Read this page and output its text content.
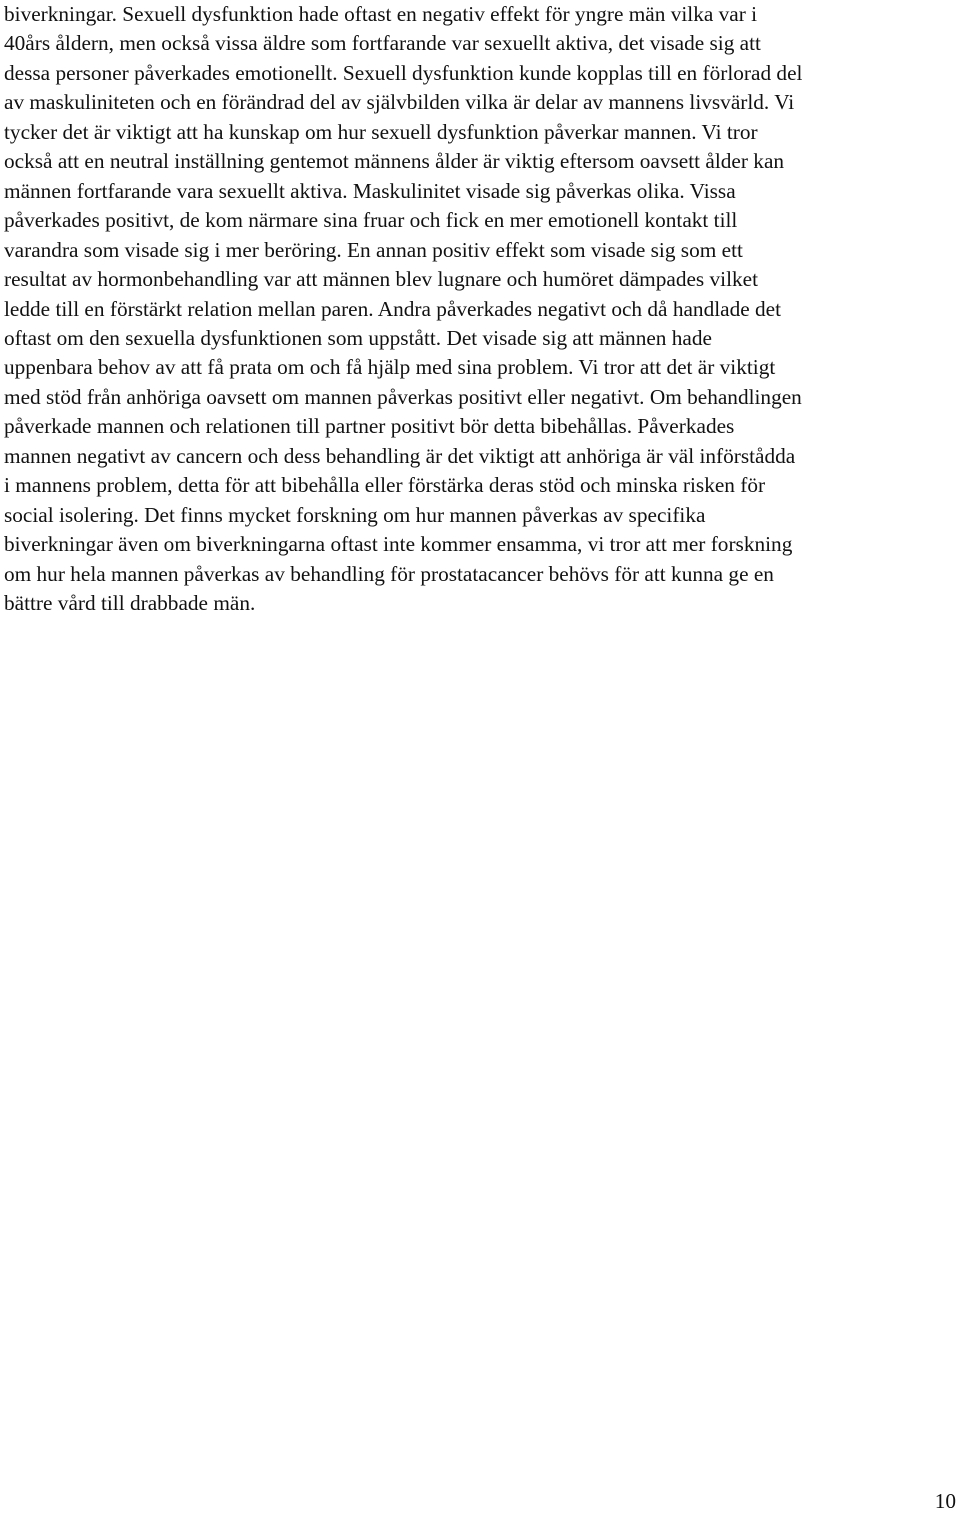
biverkningar. Sexuell dysfunktion hade oftast en negativ effekt för yngre män vilka var i
40års åldern, men också vissa äldre som fortfarande var sexuellt aktiva, det visade sig att
dessa personer påverkades emotionellt. Sexuell dysfunktion kunde kopplas till en förlorad del
av maskuliniteten och en förändrad del av självbilden vilka är delar av mannens livsvärld. Vi
tycker det är viktigt att ha kunskap om hur sexuell dysfunktion påverkar mannen. Vi tror
också att en neutral inställning gentemot männens ålder är viktig eftersom oavsett ålder kan
männen fortfarande vara sexuellt aktiva. Maskulinitet visade sig påverkas olika. Vissa
påverkades positivt, de kom närmare sina fruar och fick en mer emotionell kontakt till
varandra som visade sig i mer beröring. En annan positiv effekt som visade sig som ett
resultat av hormonbehandling var att männen blev lugnare och humöret dämpades vilket
ledde till en förstärkt relation mellan paren. Andra påverkades negativt och då handlade det
oftast om den sexuella dysfunktionen som uppstått. Det visade sig att männen hade
uppenbara behov av att få prata om och få hjälp med sina problem. Vi tror att det är viktigt
med stöd från anhöriga oavsett om mannen påverkas positivt eller negativt. Om behandlingen
påverkade mannen och relationen till partner positivt bör detta bibehållas. Påverkades
mannen negativt av cancern och dess behandling är det viktigt att anhöriga är väl införstådda
i mannens problem, detta för att bibehålla eller förstärka deras stöd och minska risken för
social isolering. Det finns mycket forskning om hur mannen påverkas av specifika
biverkningar även om biverkningarna oftast inte kommer ensamma, vi tror att mer forskning
om hur hela mannen påverkas av behandling för prostatacancer behövs för att kunna ge en
bättre vård till drabbade män.

10
